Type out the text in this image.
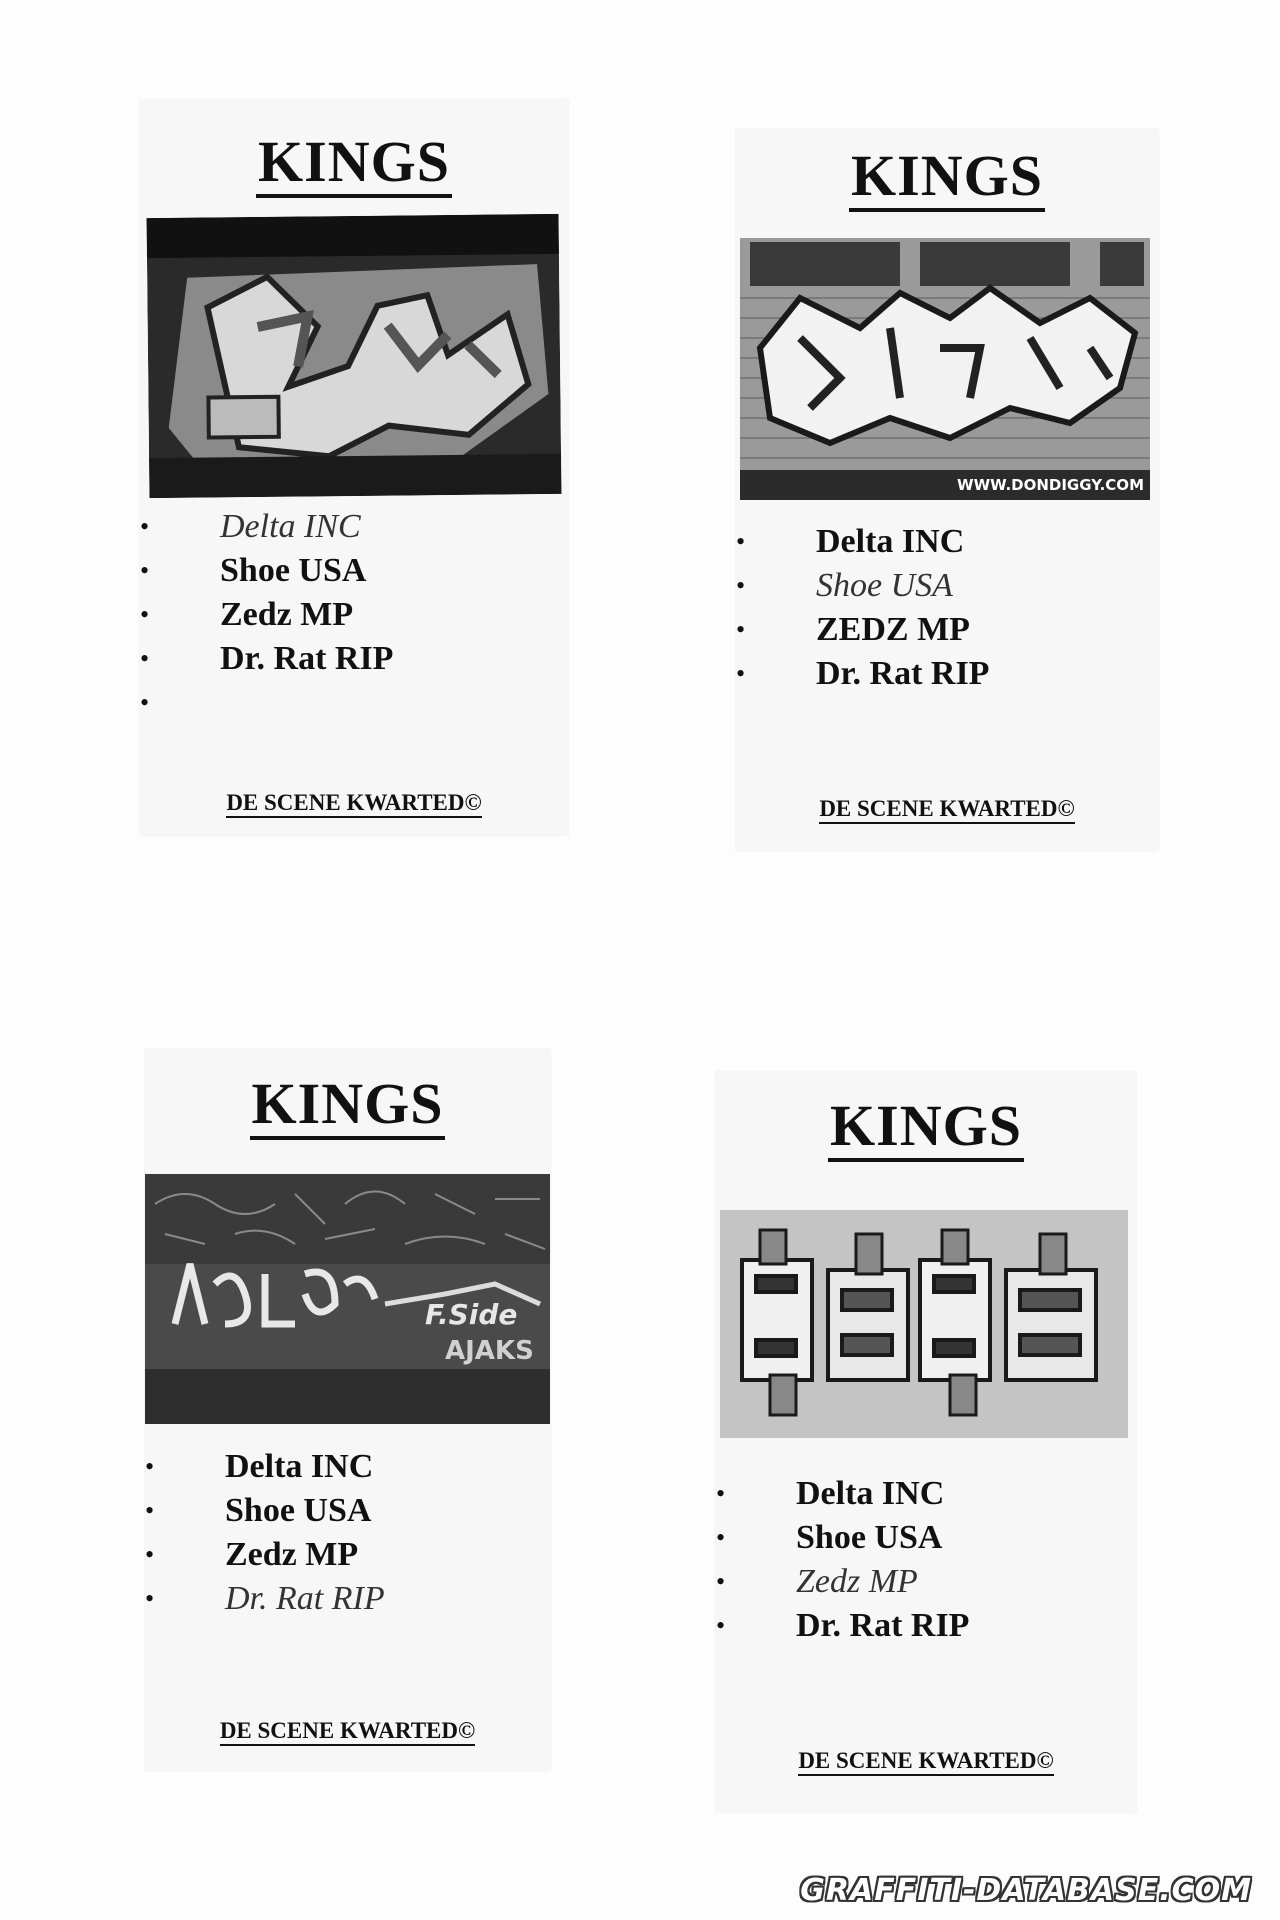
KINGS
• Delta INC
• Shoe USA
• Zedz MP
• Dr. Rat RIP
•
DE SCENE KWARTED©
KINGS
WWW.DONDIGGY.COM
• Delta INC
• Shoe USA
• ZEDZ MP
• Dr. Rat RIP
DE SCENE KWARTED©
KINGS
F.Side
AJAKS
• Delta INC
• Shoe USA
• Zedz MP
• Dr. Rat RIP
DE SCENE KWARTED©
KINGS
• Delta INC
• Shoe USA
• Zedz MP
• Dr. Rat RIP
DE SCENE KWARTED©
GRAFFITI-DATABASE.COM
